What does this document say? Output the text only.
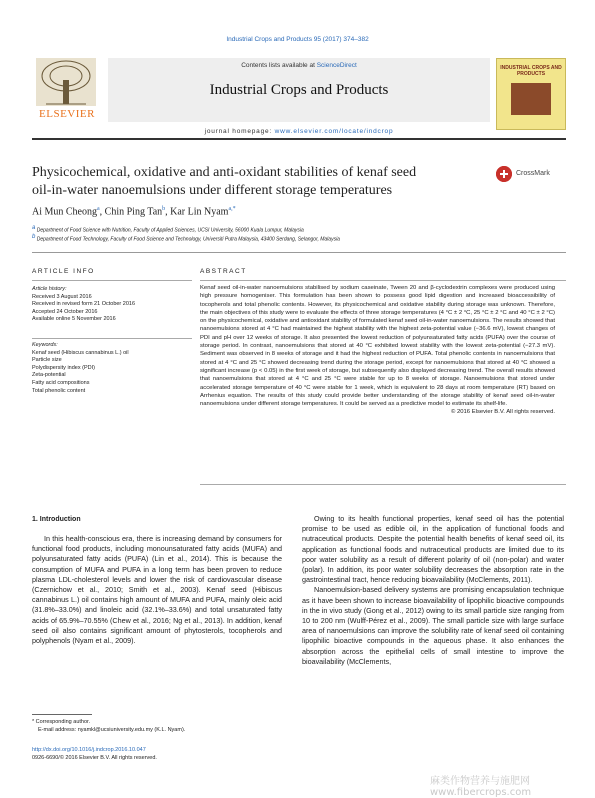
Industrial Crops and Products 95 (2017) 374–382
ELSEVIER
Contents lists available at ScienceDirect
Industrial Crops and Products
journal homepage: www.elsevier.com/locate/indcrop
INDUSTRIAL CROPS AND PRODUCTS
Physicochemical, oxidative and anti-oxidant stabilities of kenaf seed
oil-in-water nanoemulsions under different storage temperatures
CrossMark
Ai Mun Cheong$^a$, Chin Ping Tan$^b$, Kar Lin Nyam$^{a,*}$
$^a$ Department of Food Science with Nutrition, Faculty of Applied Sciences, UCSI University, 56000 Kuala Lumpur, Malaysia
$^b$ Department of Food Technology, Faculty of Food Science and Technology, Universiti Putra Malaysia, 43400 Serdang, Selangor, Malaysia
ARTICLE INFO	ABSTRACT
Article history:
Received 3 August 2016
Received in revised form 21 October 2016
Accepted 24 October 2016
Available online 5 November 2016
Keywords:
Kenaf seed (Hibiscus cannabinus L.) oil
Particle size
Polydispersity index (PDI)
Zeta-potential
Fatty acid compositions
Total phenolic content
Kenaf seed oil-in-water nanoemulsions stabilised by sodium caseinate, Tween 20 and β-cyclodextrin complexes were produced using high pressure homogeniser. This formulation has been shown to possess good lipid digestion and increased bioaccessibility of tocopherols and total phenolic contents. However, its physicochemical and oxidative stability during storage was unknown. Therefore, the main objectives of this study were to evaluate the effects of three storage temperatures (4 °C ± 2 °C, 25 °C ± 2 °C and 40 °C ± 2 °C) on the physicochemical, oxidative and antioxidant stability of formulated kenaf seed oil-in-water nanoemulsions. The results showed that nanoemulsions stored at 4 °C had maintained the highest stability with the highest zeta-potential value (−36.6 mV), lowest changes of PDI and pH over 12 weeks of storage. It also presented the lowest reduction of polyunsaturated fatty acids (PUFA) over the course of storage period. In contrast, nanoemulsions that stored at 40 °C exhibited lowest stability with the lowest zeta-potential (−27.3 mV). Sediment was observed in 8 weeks of storage and it had the highest reduction of PUFA. Total phenolic contents in nanoemulsions that stored at 4 °C and 25 °C showed decreasing trend during the storage period, except for nanoemulsions that stored at 40 °C showed a significant increase (p < 0.05) in the first week of storage, but subsequently also displayed decreasing trend. The overall results showed that nanoemulsions that stored at 4 °C and 25 °C were stable for up to 8 weeks of storage. Nanoemulsions that stored under accelerated storage temperature of 40 °C were stable for 1 week, which is equivalent to 28 days at room temperature (RT) based on Arrhenius equation. The results of this study could provide better understanding of the storage stability of kenaf seed oil-in-water nanoemulsions under different storage temperatures. It could be served as a predictive model to estimate its shelf-life.
© 2016 Elsevier B.V. All rights reserved.
1. Introduction

In this health-conscious era, there is increasing demand by consumers for functional food products, including monounsaturated fatty acids (MUFA) and polyunsaturated fatty acids (PUFA) (Lin et al., 2014). This is because the consumption of MUFA and PUFA in a long term has been proven to reduce plasma LDL-cholesterol levels and lower the risk of cardiovascular disease (Czernichow et al., 2010; Smith et al., 2003). Kenaf seed (Hibiscus cannabinus L.) oil contains high amount of MUFA and PUFA, mainly oleic acid (31.8%–33.0%) and linoleic acid (32.1%–33.6%) and total unsaturated fatty acids of 65.9%–70.55% (Chew et al., 2016; Ng et al., 2013). In addition, kenaf seed oil also contains significant amount of phytosterols, tocopherols and polyphenols (Nyam et al., 2009).

Owing to its health functional properties, kenaf seed oil has the potential promise to be used as edible oil, in the application of functional foods and nutraceutical products. Despite the potential health benefits of kenaf seed oil, its application as functional foods and nutraceutical products are limited due to its poor water solubility as a result of different polarity of oil (non-polar) and water (polar). In addition, its poor water solubility decreases the absorption rate in the gastrointestinal tract, hence reducing bioavailability (McClements, 2011).

Nanoemulsion-based delivery systems are promising encapsulation technique as it have been shown to increase bioavailability of lipophilic bioactive compounds in the in vivo study (Gong et al., 2012) owing to its small particle size ranging from 10 to 200 nm (Wulff-Pérez et al., 2009). The small particle size with large surface area of nanoemulsions can improve the solubility rate of kenaf seed oil containing lipophilic bioactive compounds in the aqueous phase. It also enhances the absorption across the epithelial cells of small intestine to improve the bioavailability (McClements,

* Corresponding author.
E-mail address: nyamkl@ucsiuniversity.edu.my (K.L. Nyam).
http://dx.doi.org/10.1016/j.indcrop.2016.10.047
0926-6690/© 2016 Elsevier B.V. All rights reserved.
麻类作物营养与施肥网 www.fibercrops.com
